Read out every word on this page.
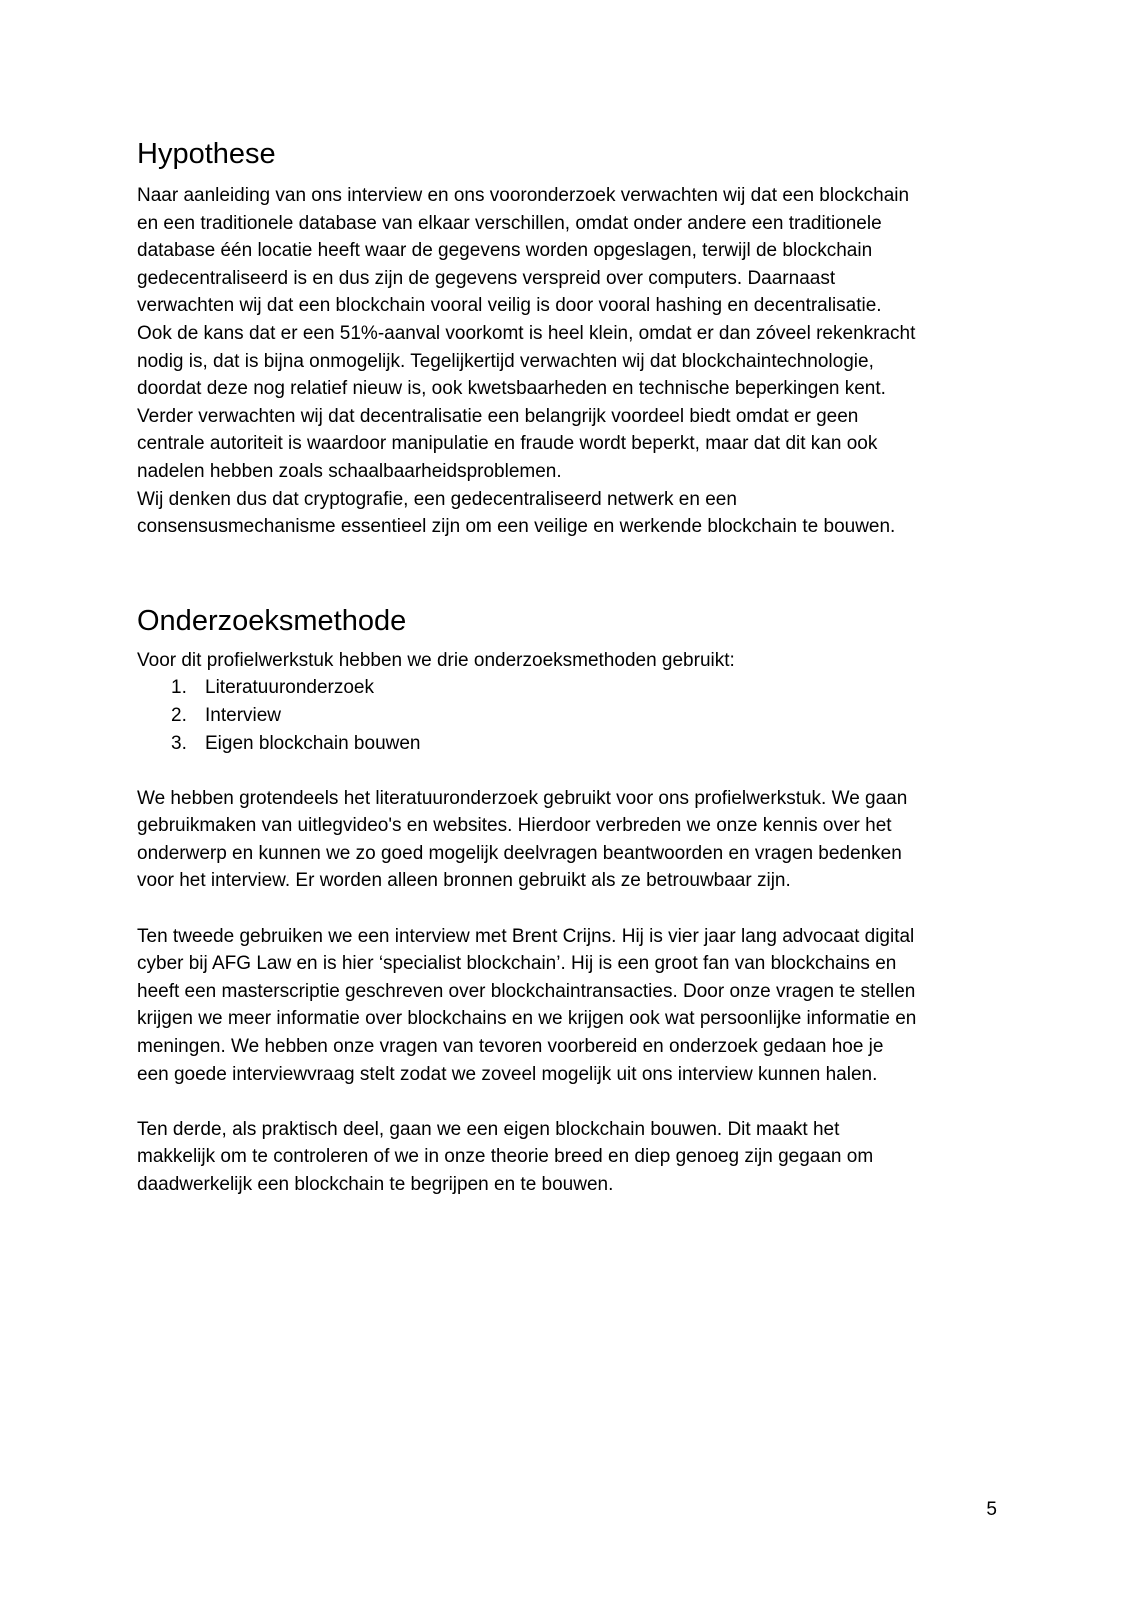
Hypothese
Naar aanleiding van ons interview en ons vooronderzoek verwachten wij dat een blockchain
en een traditionele database van elkaar verschillen, omdat onder andere een traditionele
database één locatie heeft waar de gegevens worden opgeslagen, terwijl de blockchain
gedecentraliseerd is en dus zijn de gegevens verspreid over computers. Daarnaast
verwachten wij dat een blockchain vooral veilig is door vooral hashing en decentralisatie.
Ook de kans dat er een 51%-aanval voorkomt is heel klein, omdat er dan zóveel rekenkracht
nodig is, dat is bijna onmogelijk. Tegelijkertijd verwachten wij dat blockchaintechnologie,
doordat deze nog relatief nieuw is, ook kwetsbaarheden en technische beperkingen kent.
Verder verwachten wij dat decentralisatie een belangrijk voordeel biedt omdat er geen
centrale autoriteit is waardoor manipulatie en fraude wordt beperkt, maar dat dit kan ook
nadelen hebben zoals schaalbaarheidsproblemen.
Wij denken dus dat cryptografie, een gedecentraliseerd netwerk en een
consensusmechanisme essentieel zijn om een veilige en werkende blockchain te bouwen.
Onderzoeksmethode

Voor dit profielwerkstuk hebben we drie onderzoeksmethoden gebruikt:

1. Literatuuronderzoek
2. Interview
3. Eigen blockchain bouwen
We hebben grotendeels het literatuuronderzoek gebruikt voor ons profielwerkstuk. We gaan
gebruikmaken van uitlegvideo's en websites. Hierdoor verbreden we onze kennis over het
onderwerp en kunnen we zo goed mogelijk deelvragen beantwoorden en vragen bedenken
voor het interview. Er worden alleen bronnen gebruikt als ze betrouwbaar zijn.
Ten tweede gebruiken we een interview met Brent Crijns. Hij is vier jaar lang advocaat digital
cyber bij AFG Law en is hier ‘specialist blockchain’. Hij is een groot fan van blockchains en
heeft een masterscriptie geschreven over blockchaintransacties. Door onze vragen te stellen
krijgen we meer informatie over blockchains en we krijgen ook wat persoonlijke informatie en
meningen. We hebben onze vragen van tevoren voorbereid en onderzoek gedaan hoe je
een goede interviewvraag stelt zodat we zoveel mogelijk uit ons interview kunnen halen.
Ten derde, als praktisch deel, gaan we een eigen blockchain bouwen. Dit maakt het
makkelijk om te controleren of we in onze theorie breed en diep genoeg zijn gegaan om
daadwerkelijk een blockchain te begrijpen en te bouwen.
5
